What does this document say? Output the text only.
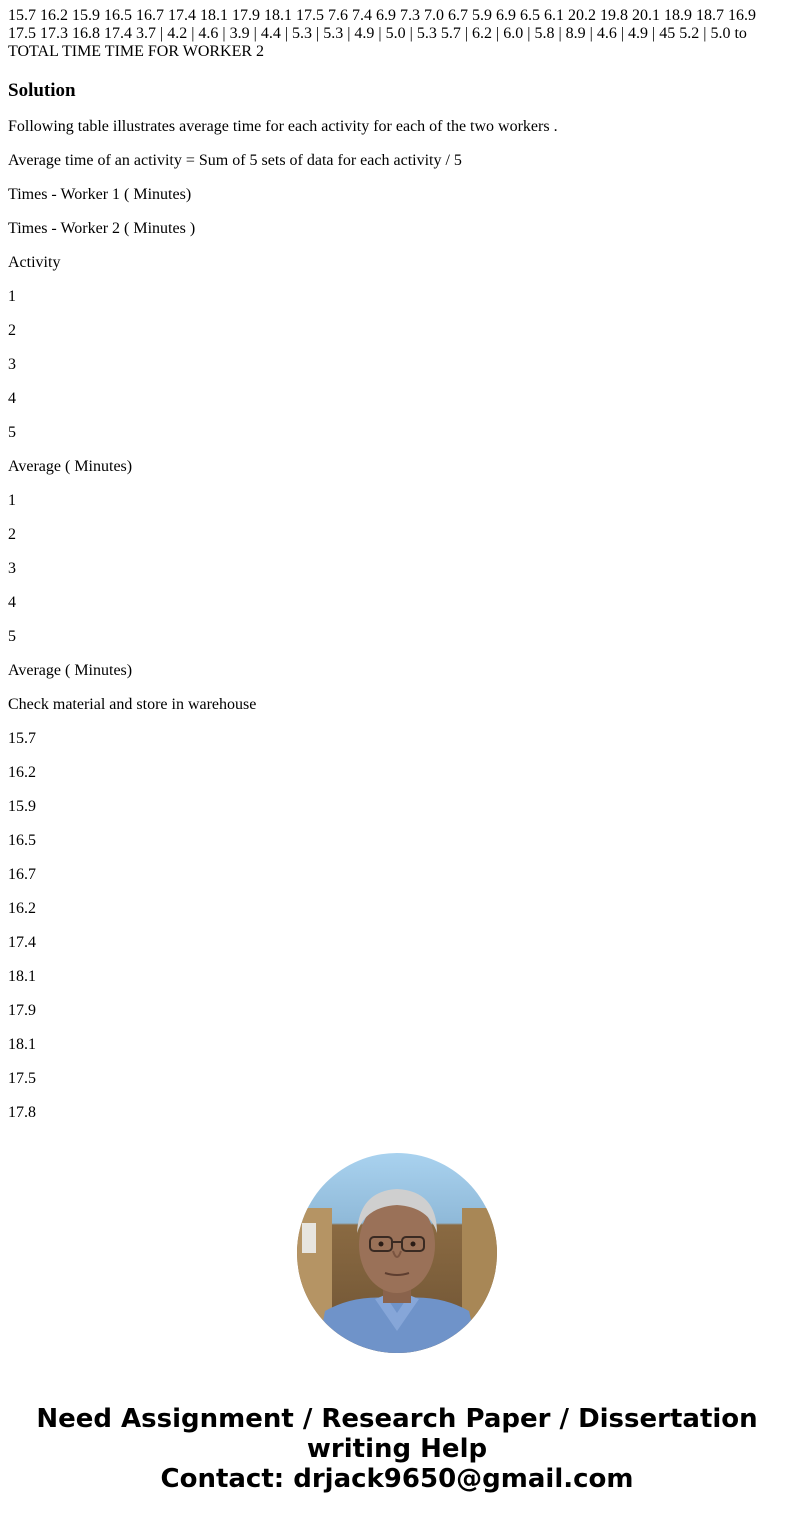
15.7 16.2 15.9 16.5 16.7 17.4 18.1 17.9 18.1 17.5 7.6 7.4 6.9 7.3 7.0 6.7 5.9 6.9 6.5 6.1 20.2 19.8 20.1 18.9 18.7 16.9 17.5 17.3 16.8 17.4 3.7 | 4.2 | 4.6 | 3.9 | 4.4 | 5.3 | 5.3 | 4.9 | 5.0 | 5.3 5.7 | 6.2 | 6.0 | 5.8 | 8.9 | 4.6 | 4.9 | 45 5.2 | 5.0 to TOTAL TIME TIME FOR WORKER 2

Solution

Following table illustrates average time for each activity for each of the two workers .

Average time of an activity = Sum of 5 sets of data for each activity / 5

Times - Worker 1 ( Minutes)

Times - Worker 2 ( Minutes )

Activity

1

2

3

4

5

Average ( Minutes)

1

2

3

4

5

Average ( Minutes)

Check material and store in warehouse

15.7

16.2

15.9

16.5

16.7

16.2

17.4

18.1

17.9

18.1

17.5

17.8

Need Assignment / Research Paper / Dissertation
writing Help
Contact: drjack9650@gmail.com
